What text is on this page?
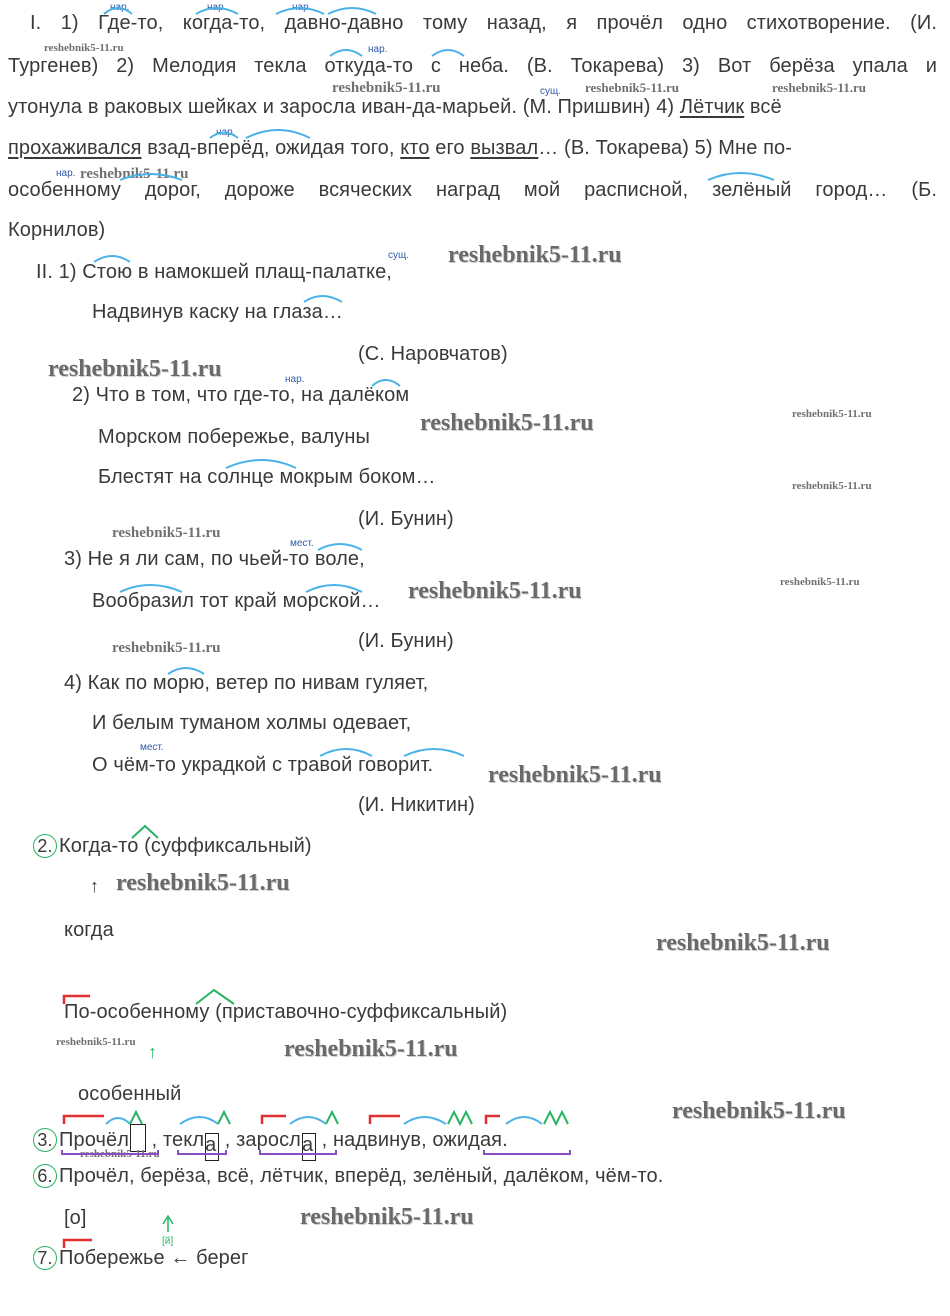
I. 1) Где-то, когда-то, давно-давно тому назад, я прочёл одно стихотворение. (И.
Тургенев) 2) Мелодия текла откуда-то с неба. (В. Токарева) 3) Вот берёза упала и
утонула в раковых шейках и заросла иван-да-марьей. (М. Пришвин) 4) Лётчик всё
прохаживался взад-вперёд, ожидая того, кто его вызвал… (В. Токарева) 5) Мне по-
особенному дорог, дороже всяческих наград мой расписной, зелёный город… (Б.
Корнилов)
II. 1) Стою в намокшей плащ-палатке,
Надвинув каску на глаза…
(С. Наровчатов)
2) Что в том, что где-то, на далёком
Морском побережье, валуны
Блестят на солнце мокрым боком…
(И. Бунин)
3) Не я ли сам, по чьей-то воле,
Вообразил тот край морской…
(И. Бунин)
4) Как по морю, ветер по нивам гуляет,
И белым туманом холмы одевает,
О чём-то украдкой с травой говорит.
(И. Никитин)
2. Когда-то (суффиксальный)
↑
когда
По-особенному (приставочно-суффиксальный)
↑
особенный
3. Прочёл , текла , заросла , надвинув, ожидая.
6. Прочёл, берёза, всё, лётчик, вперёд, зелёный, далёком, чём-то.
[о]
[й]
7. Побережье ← берег
нар.	нар.	нар.
нар.
сущ.
нар.
нар.
сущ.
нар.
мест.
мест.
reshebnik5-11.ru
reshebnik5-11.ru	reshebnik5-11.ru	reshebnik5-11.ru
reshebnik5-11.ru
reshebnik5-11.ru
reshebnik5-11.ru
reshebnik5-11.ru	reshebnik5-11.ru
reshebnik5-11.ru
reshebnik5-11.ru
reshebnik5-11.ru	reshebnik5-11.ru
reshebnik5-11.ru
reshebnik5-11.ru
reshebnik5-11.ru
reshebnik5-11.ru
reshebnik5-11.ru	reshebnik5-11.ru
reshebnik5-11.ru
reshebnik5-11.ru
reshebnik5-11.ru
